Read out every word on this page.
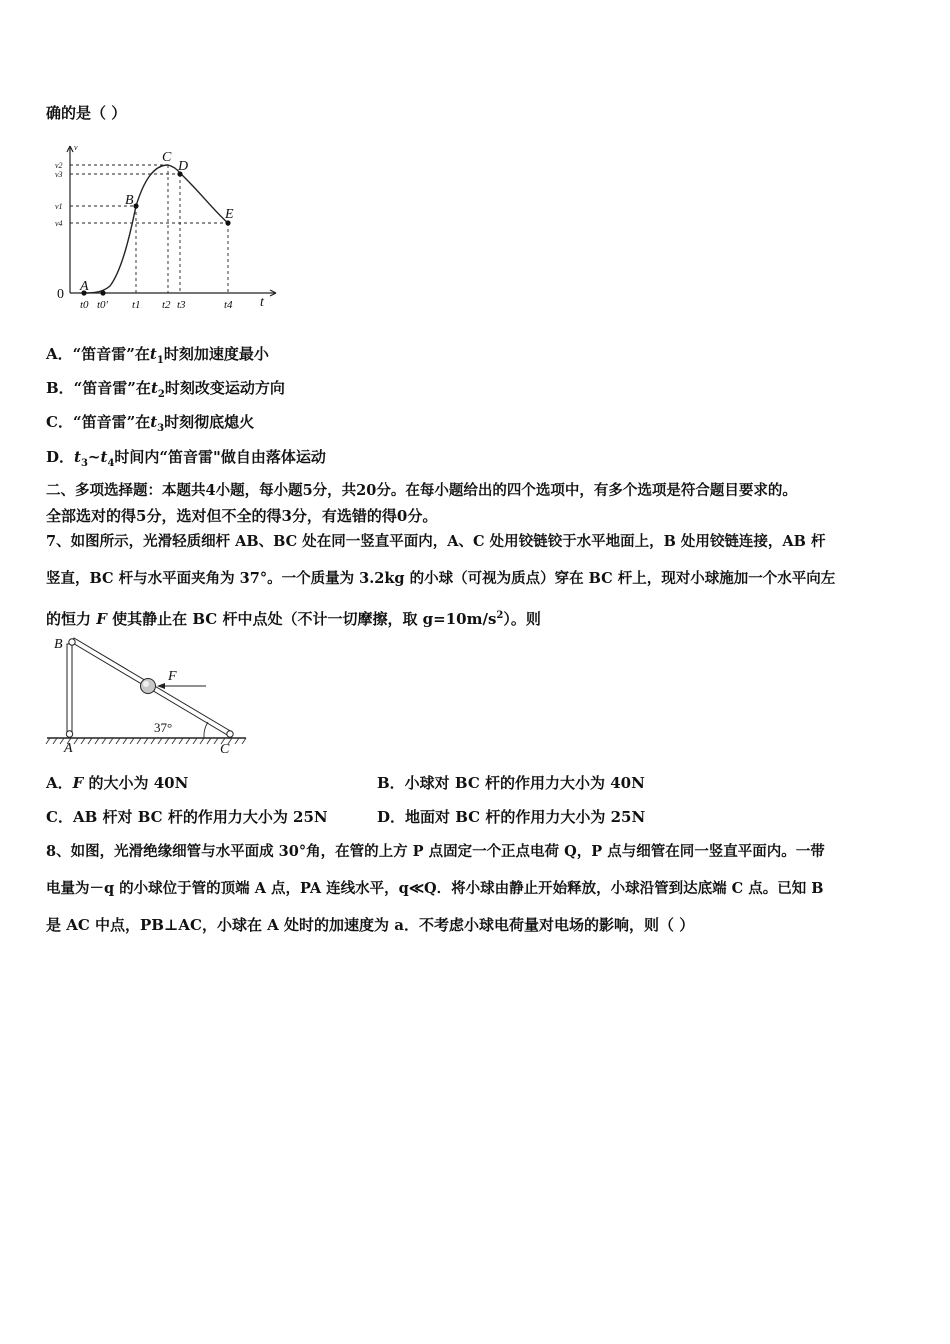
确的是（ ）
v
v2
v3
v1
v4
0
t
A
B
C
D
E
t0 t0' t1 t2 t3	t4
A．“笛音雷”在$t_1$时刻加速度最小
B．“笛音雷”在$t_2$时刻改变运动方向
C．“笛音雷”在$t_3$时刻彻底熄火
D．$t_3\sim t_4$时间内“笛音雷"做自由落体运动
二、多项选择题：本题共4小题，每小题5分，共20分。在每小题给出的四个选项中，有多个选项是符合题目要求的。
全部选对的得5分，选对但不全的得3分，有选错的得0分。
7、如图所示，光滑轻质细杆 AB、BC 处在同一竖直平面内，A、C 处用铰链铰于水平地面上，B 处用铰链连接，AB 杆
竖直，BC 杆与水平面夹角为 37°。一个质量为 3.2kg 的小球（可视为质点）穿在 BC 杆上，现对小球施加一个水平向左
的恒力 F 使其静止在 BC 杆中点处（不计一切摩擦，取 $g=10m/s^2$）。则
B
A	C
F
37°
A．F 的大小为 40N	B．小球对 BC 杆的作用力大小为 40N
C．AB 杆对 BC 杆的作用力大小为 25N	D．地面对 BC 杆的作用力大小为 25N
8、如图，光滑绝缘细管与水平面成 30°角，在管的上方 P 点固定一个正点电荷 Q，P 点与细管在同一竖直平面内。一带
电量为－q 的小球位于管的顶端 A 点，PA 连线水平，q≪Q．将小球由静止开始释放，小球沿管到达底端 C 点。已知 B
是 AC 中点，PB⊥AC，小球在 A 处时的加速度为 a．不考虑小球电荷量对电场的影响，则（ ）
